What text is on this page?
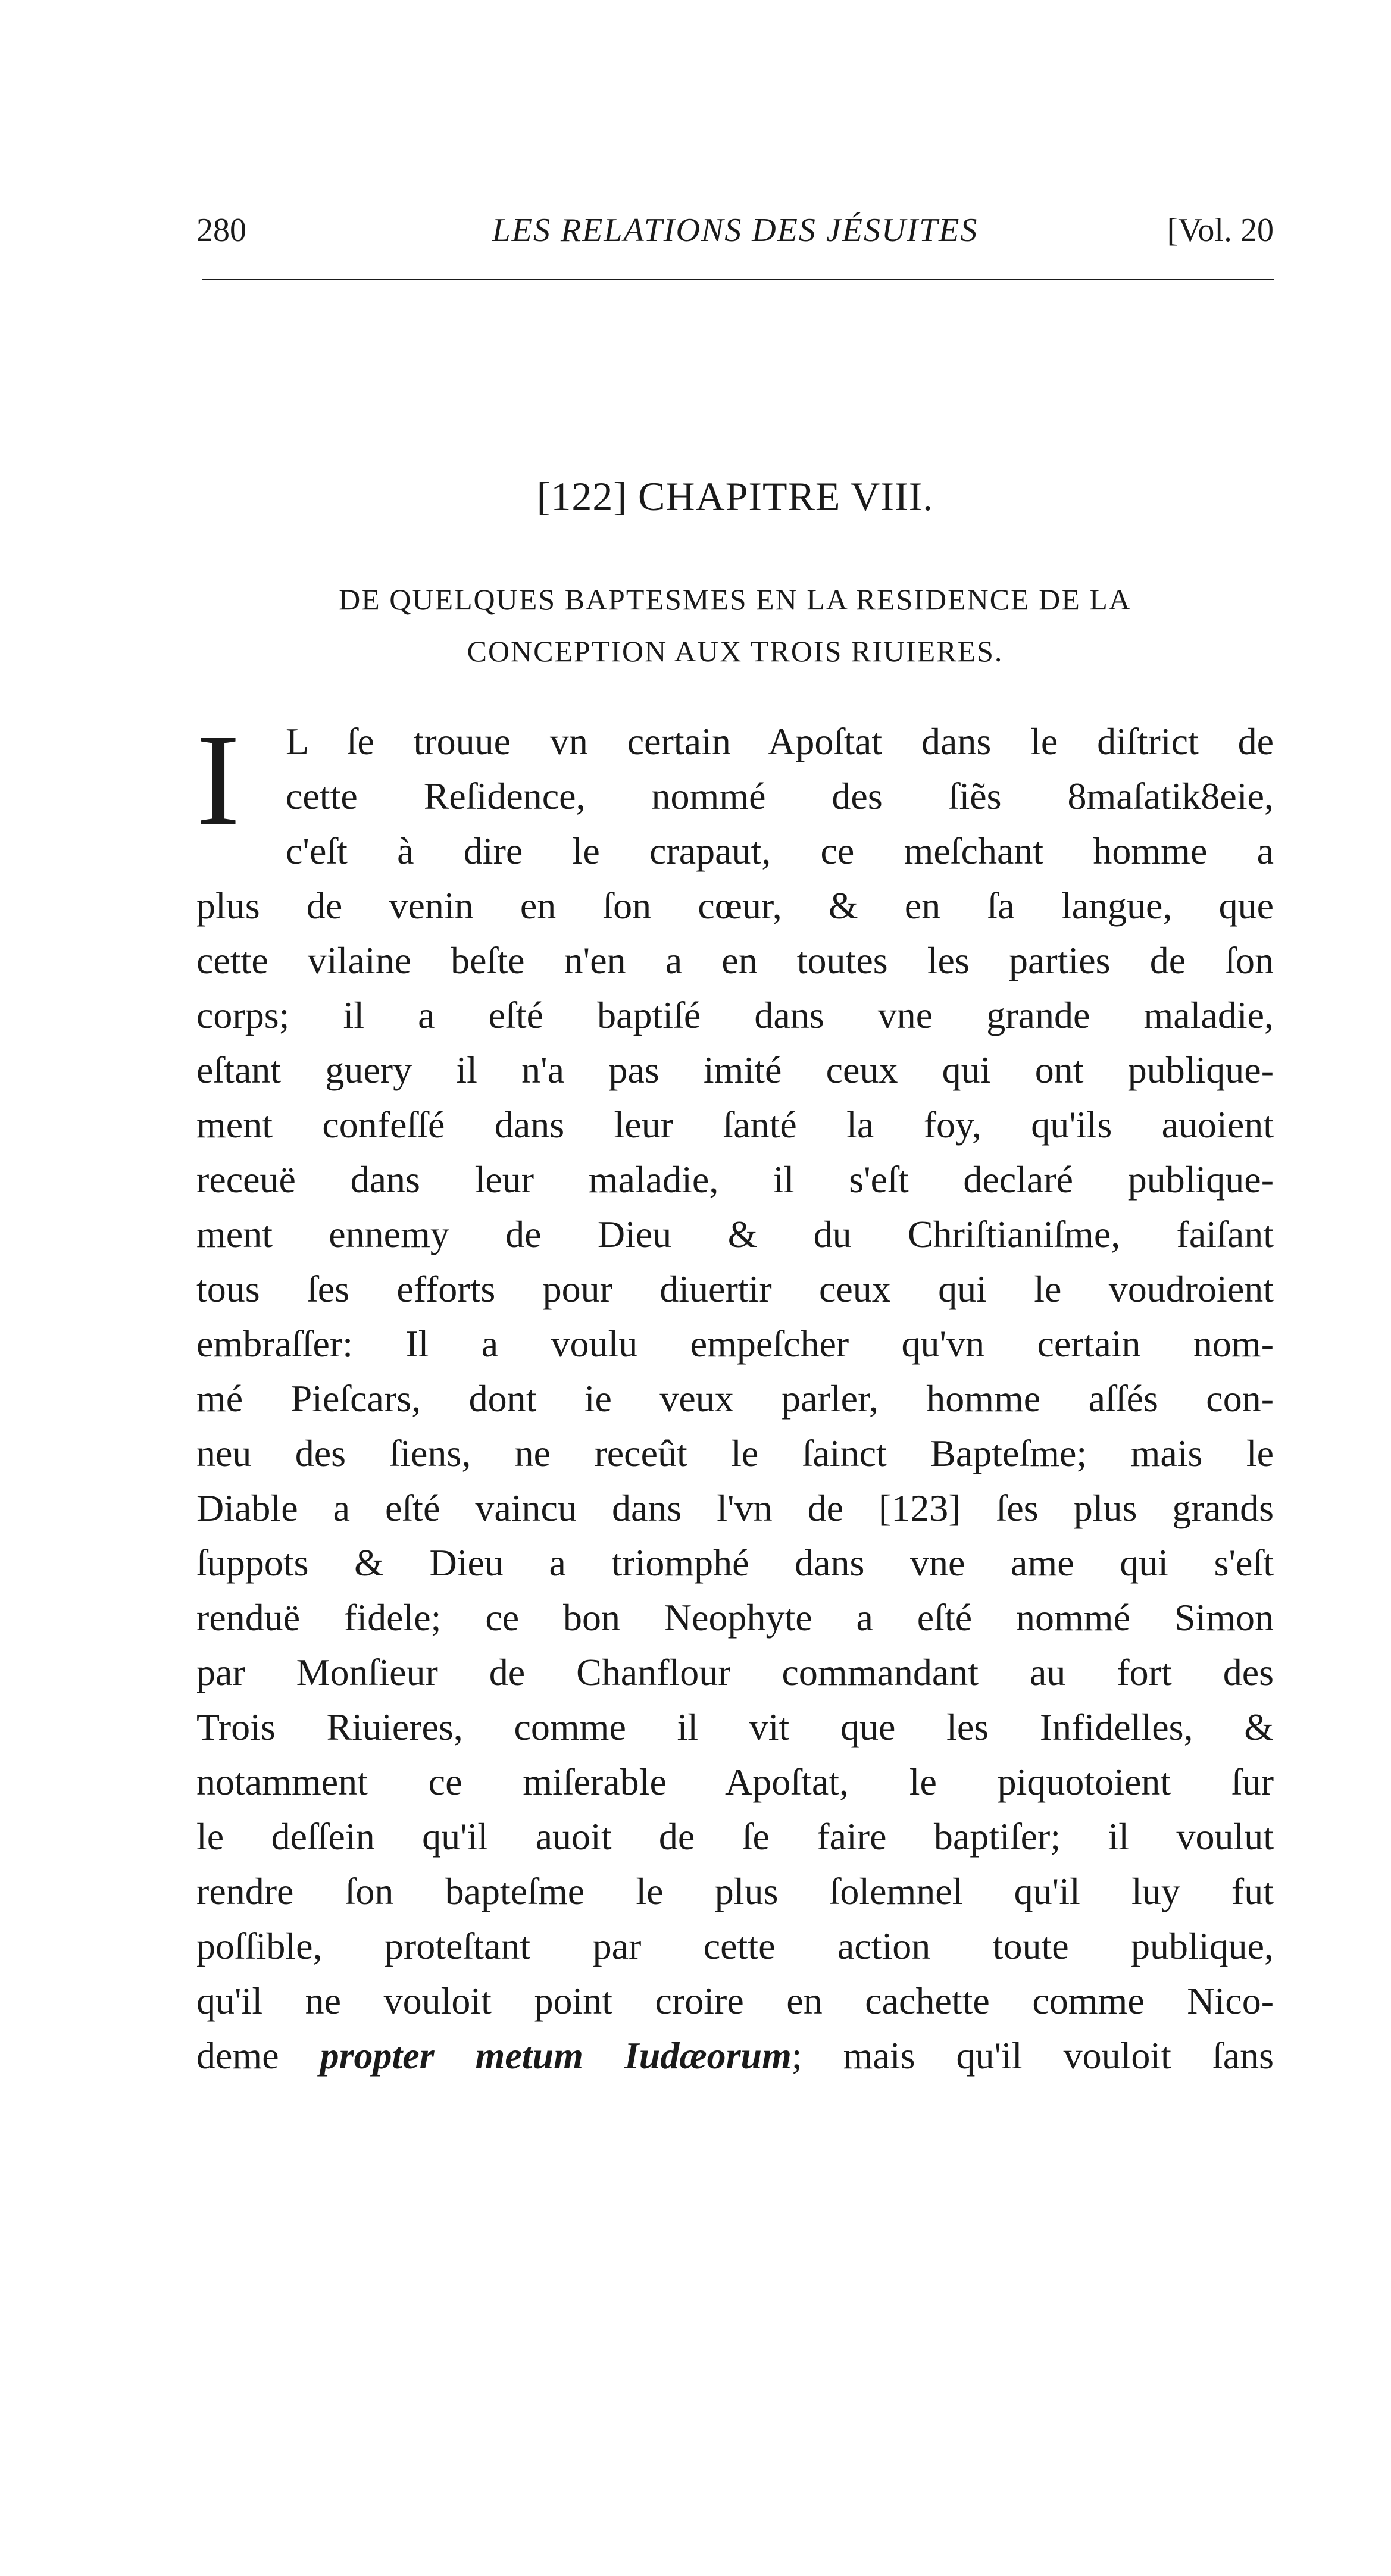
280	LES RELATIONS DES JÉSUITES	[Vol. 20
[122] CHAPITRE VIII.
DE QUELQUES BAPTESMES EN LA RESIDENCE DE LA
CONCEPTION AUX TROIS RIUIERES.
I	L ſe trouue vn certain Apoſtat dans le diſtrict de
cette Reſidence, nommé des ſiẽs 8maſatik8eie,
c'eſt à dire le crapaut, ce meſchant homme a
plus de venin en ſon cœur, & en ſa langue, que
cette vilaine beſte n'en a en toutes les parties de ſon
corps; il a eſté baptiſé dans vne grande maladie,
eſtant guery il n'a pas imité ceux qui ont publique-
ment confeſſé dans leur ſanté la foy, qu'ils auoient
receuë dans leur maladie, il s'eſt declaré publique-
ment ennemy de Dieu & du Chriſtianiſme, faiſant
tous ſes efforts pour diuertir ceux qui le voudroient
embraſſer: Il a voulu empeſcher qu'vn certain nom-
mé Pieſcars, dont ie veux parler, homme aſſés con-
neu des ſiens, ne receût le ſainct Bapteſme; mais le
Diable a eſté vaincu dans l'vn de [123] ſes plus grands
ſuppots & Dieu a triomphé dans vne ame qui s'eſt
renduë fidele; ce bon Neophyte a eſté nommé Simon
par Monſieur de Chanflour commandant au fort des
Trois Riuieres, comme il vit que les Infidelles, &
notamment ce miſerable Apoſtat, le piquotoient ſur
le deſſein qu'il auoit de ſe faire baptiſer; il voulut
rendre ſon bapteſme le plus ſolemnel qu'il luy fut
poſſible, proteſtant par cette action toute publique,
qu'il ne vouloit point croire en cachette comme Nico-
deme propter metum Iudæorum; mais qu'il vouloit ſans
